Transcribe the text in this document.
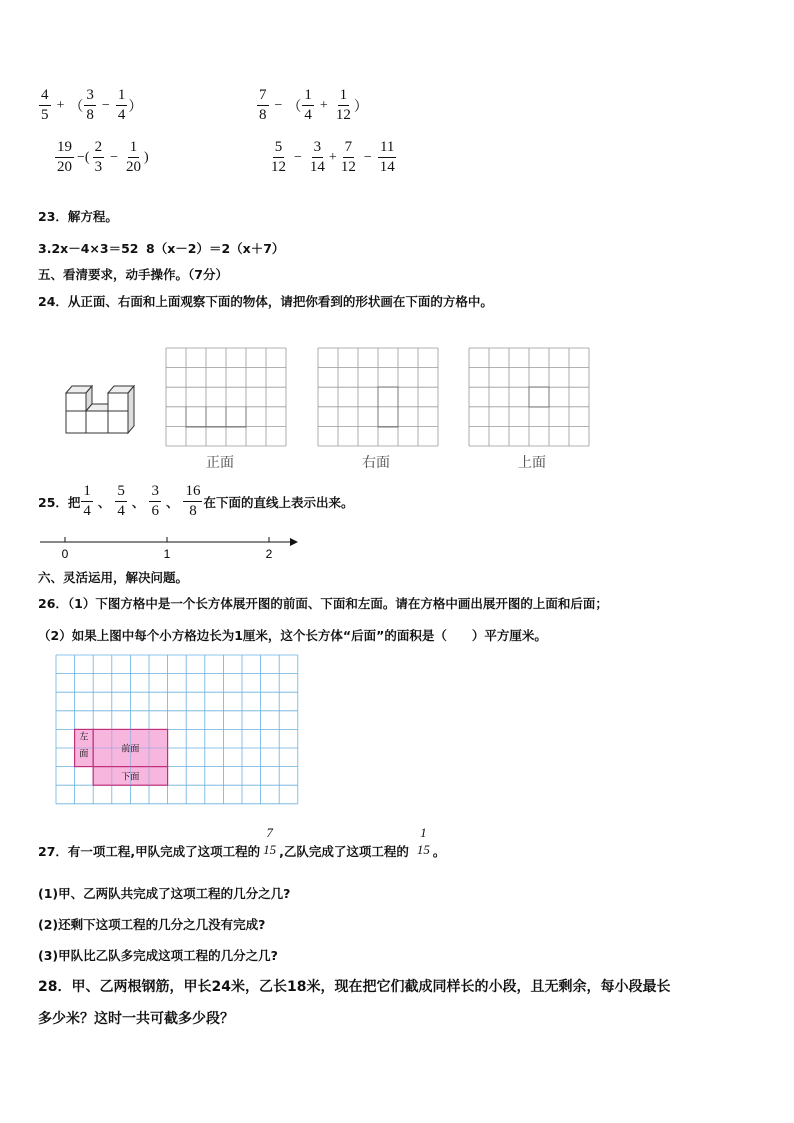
$\frac{4}{5}$ + （ $\frac{3}{8} - \frac{1}{4}$ ）	$\frac{7}{8}$ − （ $\frac{1}{4} + \frac{1}{12}$ ）
$\frac{19}{20}$ −( $\frac{2}{3} - \frac{1}{20}$ )	$\frac{5}{12} - \frac{3}{14} + \frac{7}{12} - \frac{11}{14}$
23．解方程。
3.2x－4×3＝52 8（x－2）＝2（x＋7）
五、看清要求，动手操作。（7分）
24．从正面、右面和上面观察下面的物体，请把你看到的形状画在下面的方格中。
正面	右面	上面
25．把 $\frac{1}{4}$ 、 $\frac{5}{4}$ 、 $\frac{3}{6}$ 、 $\frac{16}{8}$ 在下面的直线上表示出来。
0	1	2
六、灵活运用，解决问题。
26．（1）下图方格中是一个长方体展开图的前面、下面和左面。请在方格中画出展开图的上面和后面；
（2）如果上图中每个小方格边长为1厘米，这个长方体“后面”的面积是（　　）平方厘米。
左
面	前面
下面
27．有一项工程,甲队完成了这项工程的
7
15 ,乙队完成了这项工程的
1
15 。
(1)甲、乙两队共完成了这项工程的几分之几?
(2)还剩下这项工程的几分之几没有完成?
(3)甲队比乙队多完成这项工程的几分之几?
28．甲、乙两根钢筋，甲长24米，乙长18米，现在把它们截成同样长的小段，且无剩余，每小段最长
多少米？这时一共可截多少段？
